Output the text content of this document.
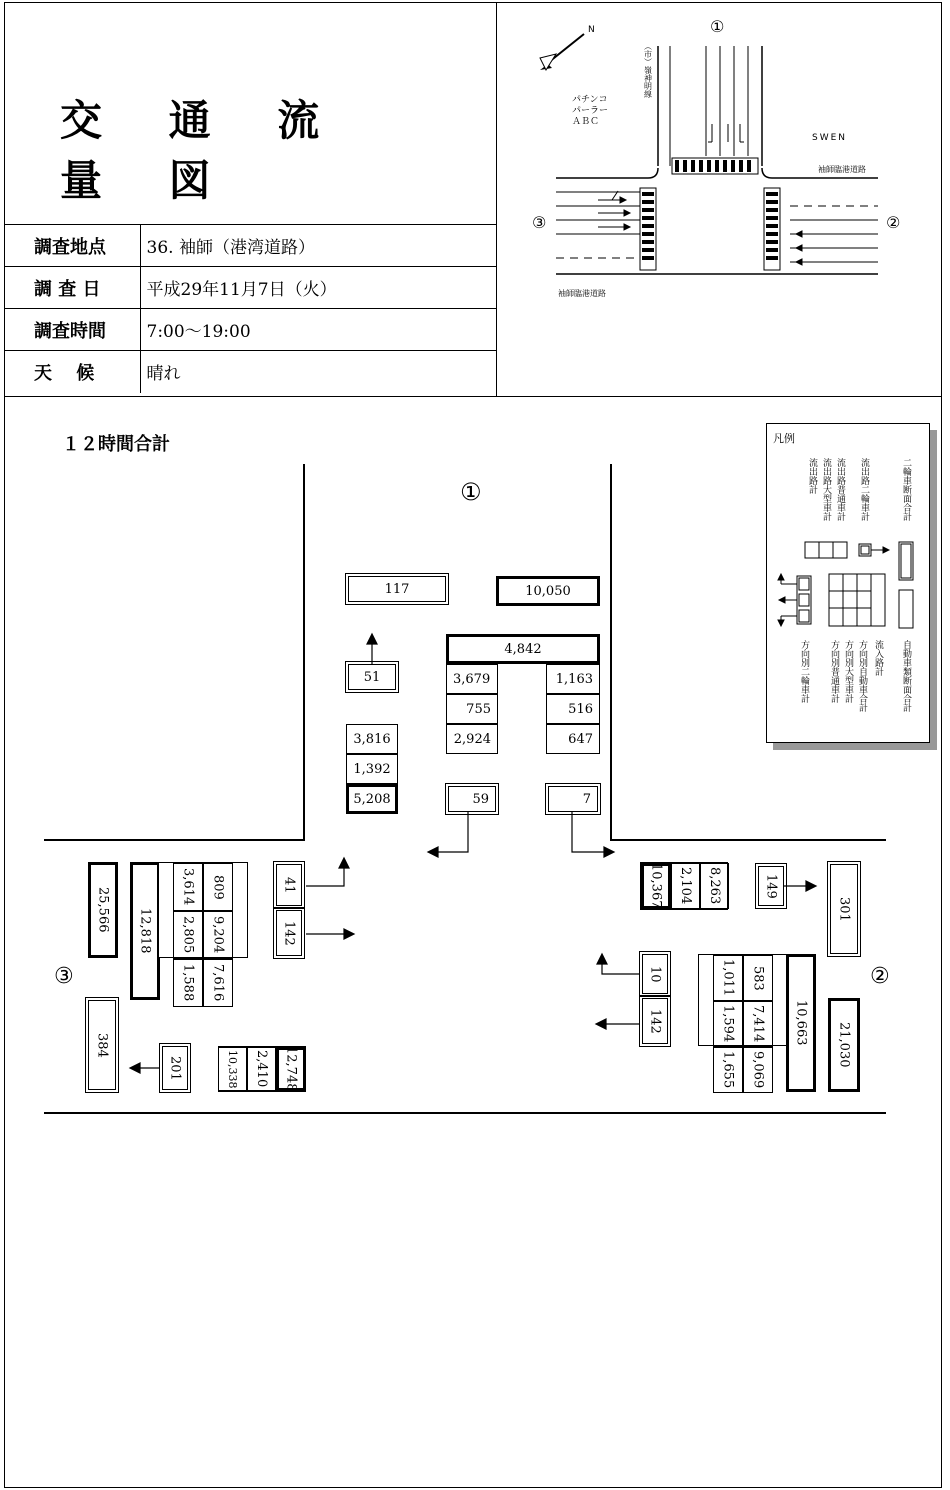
交 通 流 量 図
調査地点	36. 袖師（港湾道路）
調 査 日	平成29年11月7日（火）
調査時間	7:00〜19:00
天　 候	晴れ
N	①
②
③
（市）嶺神明線
パチンコパーラーＡＢＣ
SWEN
袖師臨港道路
袖師臨港道路
１２時間合計
①
②
③
117	10,050
4,842
51	3,679
755
2,924
1,163
516
647
3,816
1,392
5,208	59	7
10,367	2,104	8,263	149
301
10
142
1,011	583
1,594	7,414
1,655	9,069
10,663	21,030
25,566	12,818
3,614	809
2,805	9,204
1,588	7,616
41
142
384
201	10,338	2,410	12,748
凡例
流出路計 流出路大型車計 流出路普通車計 流出路二輪車計	二輪車断面合計
方向別二輪車計 方向別普通車計 方向別大型車計 方向別自動車合計 流入路計 自動車類断面合計
